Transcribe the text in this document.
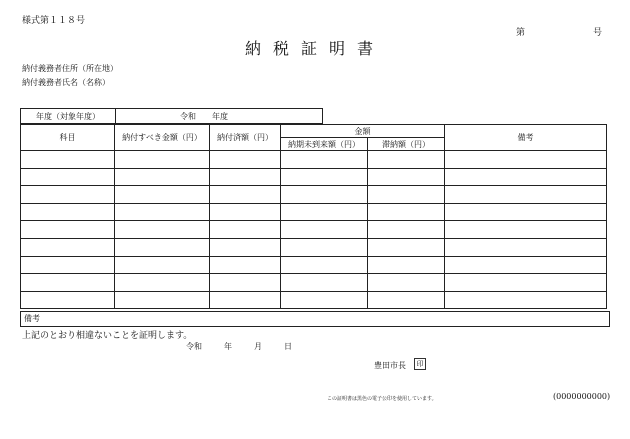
様式第１１８号
第	号
納税証明書
納付義務者住所（所在地）
納付義務者氏名（名称）
年度（対象年度）	令和 年度
科目	納付すべき金額（円）	納付済額（円）	金額		備考
			納期未到来額（円）	滞納額（円）	

備考
上記のとおり相違ないことを証明します。
令和	年	月	日
豊田市長	印
この証明書は黒色の電子公印を使用しています。	(0000000000)
